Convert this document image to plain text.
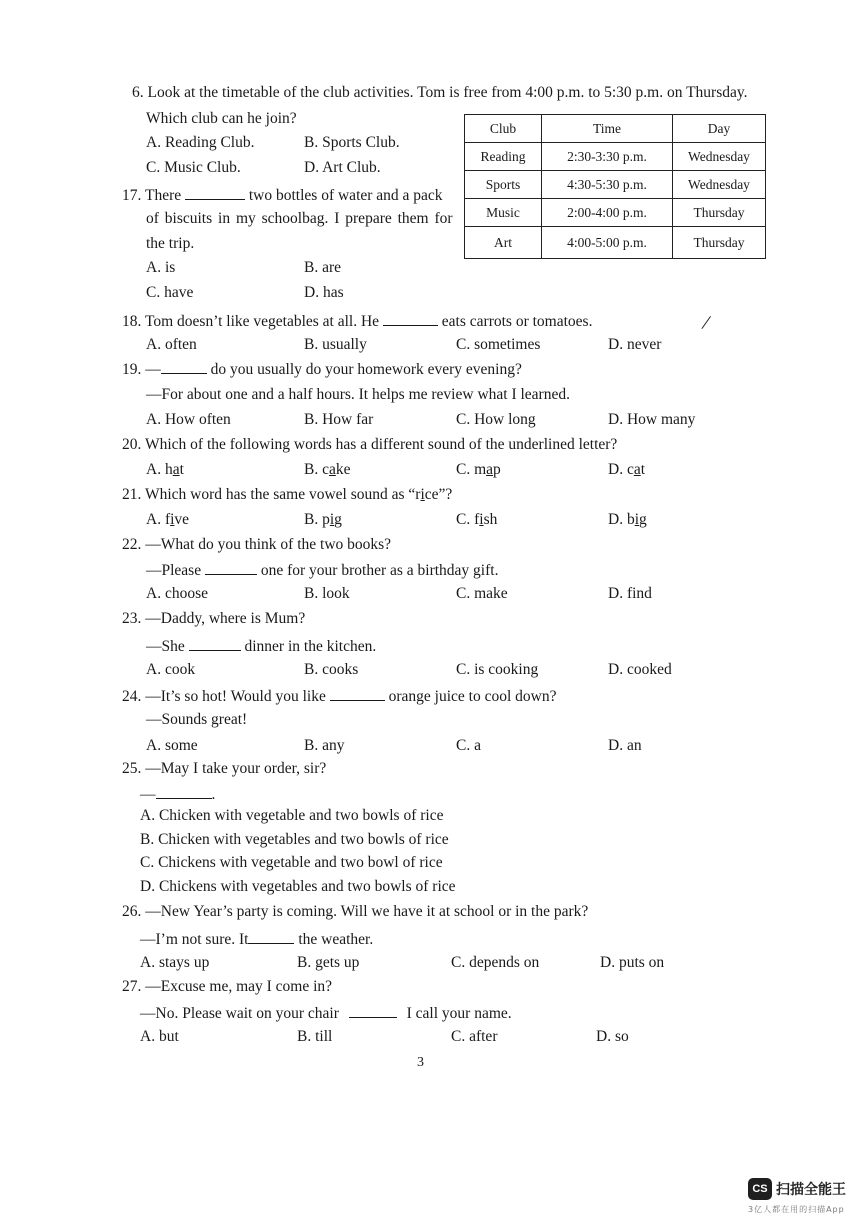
6. Look at the timetable of the club activities. Tom is free from 4:00 p.m. to 5:30 p.m. on Thursday.
Which club can he join?
A. Reading Club.	B. Sports Club.
C. Music Club.	D. Art Club.
Club	Time	Day
Reading	2:30-3:30 p.m.	Wednesday
Sports	4:30-5:30 p.m.	Wednesday
Music	2:00-4:00 p.m.	Thursday
Art	4:00-5:00 p.m.	Thursday
17. There	two bottles of water and a pack
of biscuits in my schoolbag. I prepare them for
the trip.
A. is	B. are
C. have	D. has
18. Tom doesn’t like vegetables at all. He	eats carrots or tomatoes.	/
A. often	B. usually	C. sometimes	D. never
19. —	do you usually do your homework every evening?
—For about one and a half hours. It helps me review what I learned.
A. How often	B. How far	C. How long	D. How many
20. Which of the following words has a different sound of the underlined letter?
A. hat	B. cake	C. map	D. cat
21. Which word has the same vowel sound as “rice”?
A. five	B. pig	C. fish	D. big
22. —What do you think of the two books?
—Please	one for your brother as a birthday gift.
A. choose	B. look	C. make	D. find
23. —Daddy, where is Mum?
—She	dinner in the kitchen.
A. cook	B. cooks	C. is cooking	D. cooked
24. —It’s so hot! Would you like	orange juice to cool down?
—Sounds great!
A. some	B. any	C. a	D. an
25. —May I take your order, sir?
—	.
A. Chicken with vegetable and two bowls of rice
B. Chicken with vegetables and two bowls of rice
C. Chickens with vegetable and two bowl of rice
D. Chickens with vegetables and two bowls of rice
26. —New Year’s party is coming. Will we have it at school or in the park?
—I’m not sure. It	the weather.
A. stays up	B. gets up	C. depends on	D. puts on
27. —Excuse me, may I come in?
—No. Please wait on your chair	I call your name.
A. but	B. till	C. after	D. so
3
CS 扫描全能王
3亿人都在用的扫描App
